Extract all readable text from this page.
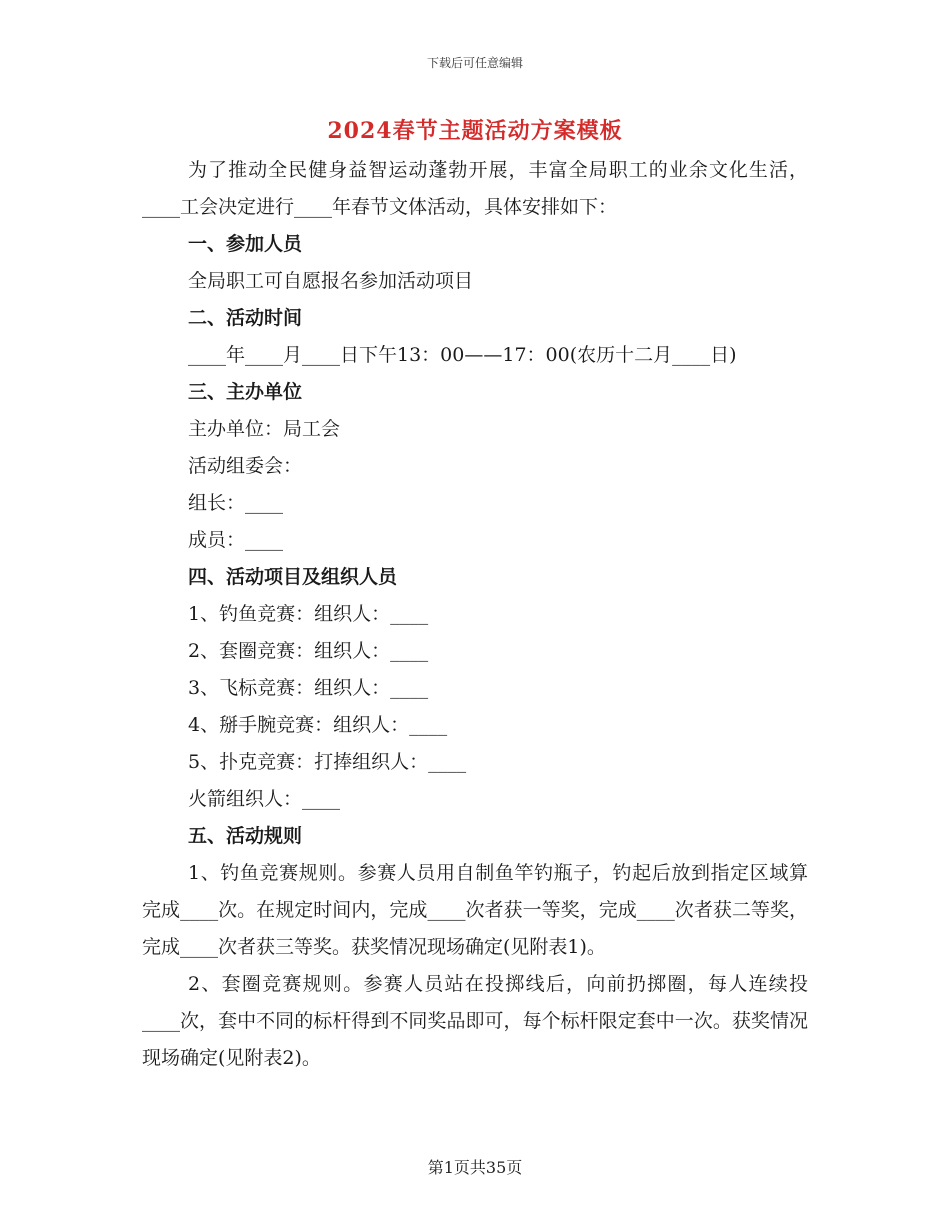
下载后可任意编辑
2024春节主题活动方案模板

为了推动全民健身益智运动蓬勃开展，丰富全局职工的业余文化生活，____工会决定进行____年春节文体活动，具体安排如下：

一、参加人员

全局职工可自愿报名参加活动项目

二、活动时间

____年____月____日下午13：00——17：00(农历十二月____日)

三、主办单位

主办单位：局工会

活动组委会：

组长：____

成员：____

四、活动项目及组织人员

1、钓鱼竞赛：组织人：____

2、套圈竞赛：组织人：____

3、飞标竞赛：组织人：____

4、掰手腕竞赛：组织人：____

5、扑克竞赛：打捧组织人：____

火箭组织人：____

五、活动规则

1、钓鱼竞赛规则。参赛人员用自制鱼竿钓瓶子，钓起后放到指定区域算完成____次。在规定时间内，完成____次者获一等奖，完成____次者获二等奖，完成____次者获三等奖。获奖情况现场确定(见附表1)。

2、套圈竞赛规则。参赛人员站在投掷线后，向前扔掷圈，每人连续投____次，套中不同的标杆得到不同奖品即可，每个标杆限定套中一次。获奖情况现场确定(见附表2)。

第1页共35页
